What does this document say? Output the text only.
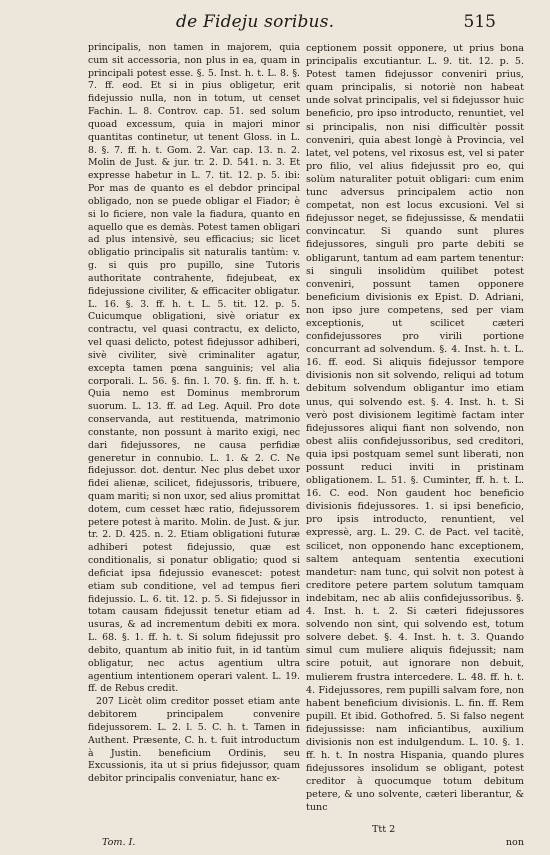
de Fideju soribus.	515

principalis, non tamen in majorem, quia cum sit accessoria, non plus in ea, quam in principali potest esse. §. 5. Inst. h. t. L. 8. §. 7. ff. eod. Et si in pius obligetur, erit fidejussio nulla, non in totum, ut censet Fachin. L. 8. Controv. cap. 51. sed solum quoad excessum, quia in majori minor quantitas continetur, ut tenent Gloss. in L. 8. §. 7. ff. h. t. Gom. 2. Var. cap. 13. n. 2. Molin de Just. & jur. tr. 2. D. 541. n. 3. Et expresse habetur in L. 7. tit. 12. p. 5. ibi: Por mas de quanto es el debdor principal obligado, non se puede obligar el Fiador; è si lo ficiere, non vale la fiadura, quanto en aquello que es demàs. Potest tamen obligari ad plus intensivè, seu efficacius; sic licet obligatio principalis sit naturalis tantùm: v. g. si quis pro pupillo, sine Tutoris authoritate contrahente, fidejubeat, ex fidejussione civiliter, & efficaciter obligatur. L. 16. §. 3. ff. h. t. L. 5. tit. 12. p. 5. Cuicumque obligationi, sivè oriatur ex contractu, vel quasi contractu, ex delicto, vel quasi delicto, potest fidejussor adhiberi, sivè civiliter, sivè criminaliter agatur, excepta tamen pœna sanguinis; vel alia corporali. L. 56. §. fin. l. 70. §. fin. ff. h. t. Quia nemo est Dominus membrorum suorum. L. 13. ff. ad Leg. Aquil. Pro dote conservanda, aut restituenda, matrimonio constante, non possunt à marito exigi, nec dari fidejussores, ne causa perfidiæ generetur in connubio. L. 1. & 2. C. Ne fidejussor. dot. dentur. Nec plus debet uxor fidei alienæ, scilicet, fidejussoris, tribuere, quam mariti; si non uxor, sed alius promittat dotem, cum cesset hæc ratio, fidejussorem petere potest à marito. Molin. de Just. & jur. tr. 2. D. 425. n. 2. Etiam obligationi futuræ adhiberi potest fidejussio, quæ est conditionalis, si ponatur obligatio; quod si deficiat ipsa fidejussio evanescet: potest etiam sub conditione, vel ad tempus fieri fidejussio. L. 6. tit. 12. p. 5. Si fidejussor in totam causam fidejussit tenetur etiam ad usuras, & ad incrementum debiti ex mora. L. 68. §. 1. ff. h. t. Si solum fidejussit pro debito, quantum ab initio fuit, in id tantùm obligatur, nec actus agentium ultra agentium intentionem operari valent. L. 19. ff. de Rebus credit.

207 Licèt olim creditor posset etiam ante debitorem principalem convenire fidejussorem. L. 2. l. 5. C. h. t. Tamen in Authent. Præsente, C. h. t. fuit introductum à Justin. beneficium Ordinis, seu Excussionis, ita ut si prius fidejussor, quam debitor principalis conveniatur, hanc ex-

ceptionem possit opponere, ut prius bona principalis excutiantur. L. 9. tit. 12. p. 5. Potest tamen fidejussor conveniri prius, quam principalis, si notoriè non habeat unde solvat principalis, vel si fidejussor huic beneficio, pro ipso introducto, renuntiet, vel si principalis, non nisi difficultèr possit conveniri, quia abest longè à Provincia, vel latet, vel potens, vel rixosus est, vel si pater pro filio, vel alius fidejussit pro eo, qui solùm naturaliter potuit obligari: cum enim tunc adversus principalem actio non competat, non est locus excusioni. Vel si fidejussor neget, se fidejussisse, & mendatii convincatur. Si quando sunt plures fidejussores, singuli pro parte debiti se obligarunt, tantum ad eam partem tenentur: si singuli insolidùm quilibet potest conveniri, possunt tamen opponere beneficium divisionis ex Epist. D. Adriani, non ipso jure competens, sed per viam exceptionis, ut scilicet cæteri confidejussores pro virili portione concurrant ad solvendum. §. 4. Inst. h. t. L. 16. ff. eod. Si aliquis fidejussor tempore divisionis non sit solvendo, reliqui ad totum debitum solvendum obligantur imo etiam unus, qui solvendo est. §. 4. Inst. h. t. Si verò post divisionem legitimè factam inter fidejussores aliqui fiant non solvendo, non obest aliis confidejussoribus, sed creditori, quia ipsi postquam semel sunt liberati, non possunt reduci inviti in pristinam obligationem. L. 51. §. Cuminter, ff. h. t. L. 16. C. eod. Non gaudent hoc beneficio divisionis fidejussores. 1. si ipsi beneficio, pro ipsis introducto, renuntient, vel expressè, arg. L. 29. C. de Pact. vel tacitè, scilicet, non opponendo hanc exceptionem, saltem antequam sententia executioni mandetur: nam tunc, qui solvit non potest à creditore petere partem solutum tamquam indebitam, nec ab aliis confidejussoribus. §. 4. Inst. h. t. 2. Si cæteri fidejussores solvendo non sint, qui solvendo est, totum solvere debet. §. 4. Inst. h. t. 3. Quando simul cum muliere aliquis fidejussit; nam scire potuit, aut ignorare non debuit, mulierem frustra intercedere. L. 48. ff. h. t. 4. Fidejussores, rem pupilli salvam fore, non habent beneficium divisionis. L. fin. ff. Rem pupill. Et ibid. Gothofred. 5. Si falso negent fidejussisse: nam inficiantibus, auxilium divisionis non est indulgendum. L. 10. §. 1. ff. h. t. In nostra Hispania, quando plures fidejussores insolidum se obligant, potest creditor à quocumque totum debitum petere, & uno solvente, cæteri liberantur, & tunc

Tom. I.
Ttt 2
non
